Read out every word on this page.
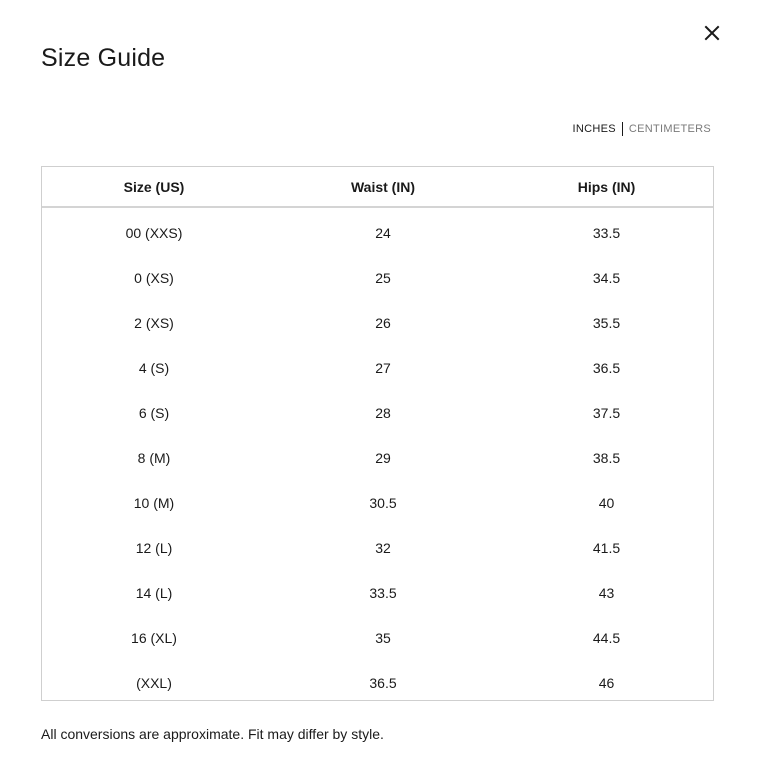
Size Guide
INCHES CENTIMETERS
Size (US)	Waist (IN)	Hips (IN)
00 (XXS)	24	33.5
0 (XS)	25	34.5
2 (XS)	26	35.5
4 (S)	27	36.5
6 (S)	28	37.5
8 (M)	29	38.5
10 (M)	30.5	40
12 (L)	32	41.5
14 (L)	33.5	43
16 (XL)	35	44.5
(XXL)	36.5	46

All conversions are approximate. Fit may differ by style.
